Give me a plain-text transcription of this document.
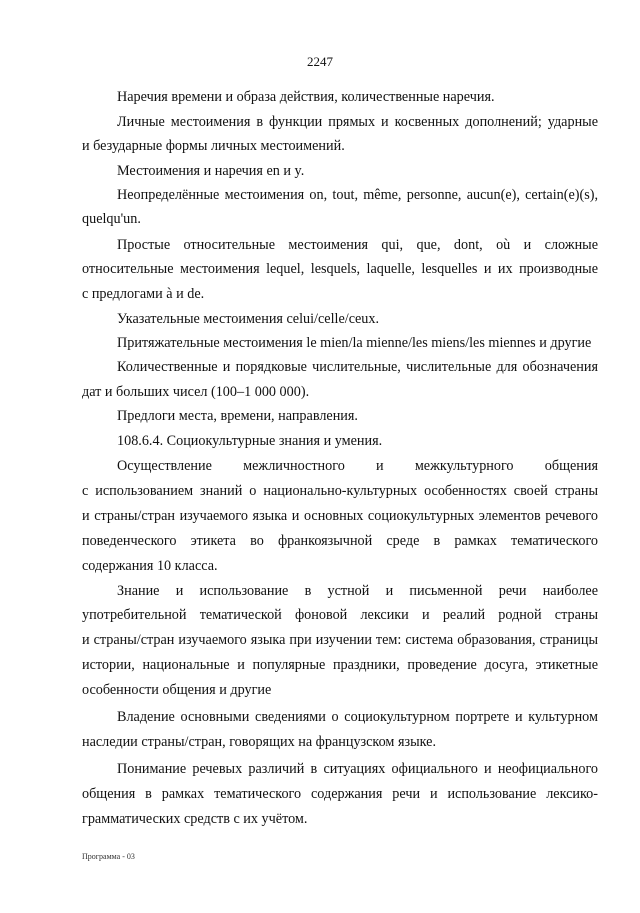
2247
Наречия времени и образа действия, количественные наречия.
Личные местоимения в функции прямых и косвенных дополнений; ударные
и безударные формы личных местоимений.
Местоимения и наречия en и y.
Неопределённые местоимения on, tout, même, personne, aucun(e), certain(e)(s),
quelqu'un.
Простые относительные местоимения qui, que, dont, où и сложные
относительные местоимения lequel, lesquels, laquelle, lesquelles и их производные
с предлогами à и de.
Указательные местоимения celui/celle/ceux.
Притяжательные местоимения le mien/la mienne/les miens/les miennes и другие
Количественные и порядковые числительные, числительные для обозначения
дат и больших чисел (100–1 000 000).
Предлоги места, времени, направления.
108.6.4. Социокультурные знания и умения.
Осуществление межличностного и межкультурного общения
с использованием знаний о национально-культурных особенностях своей страны
и страны/стран изучаемого языка и основных социокультурных элементов речевого
поведенческого этикета во франкоязычной среде в рамках тематического
содержания 10 класса.
Знание и использование в устной и письменной речи наиболее
употребительной тематической фоновой лексики и реалий родной страны
и страны/стран изучаемого языка при изучении тем: система образования, страницы
истории, национальные и популярные праздники, проведение досуга, этикетные
особенности общения и другие
Владение основными сведениями о социокультурном портрете и культурном
наследии страны/стран, говорящих на французском языке.
Понимание речевых различий в ситуациях официального и неофициального
общения в рамках тематического содержания речи и использование лексико-
грамматических средств с их учётом.
Программа - 03
